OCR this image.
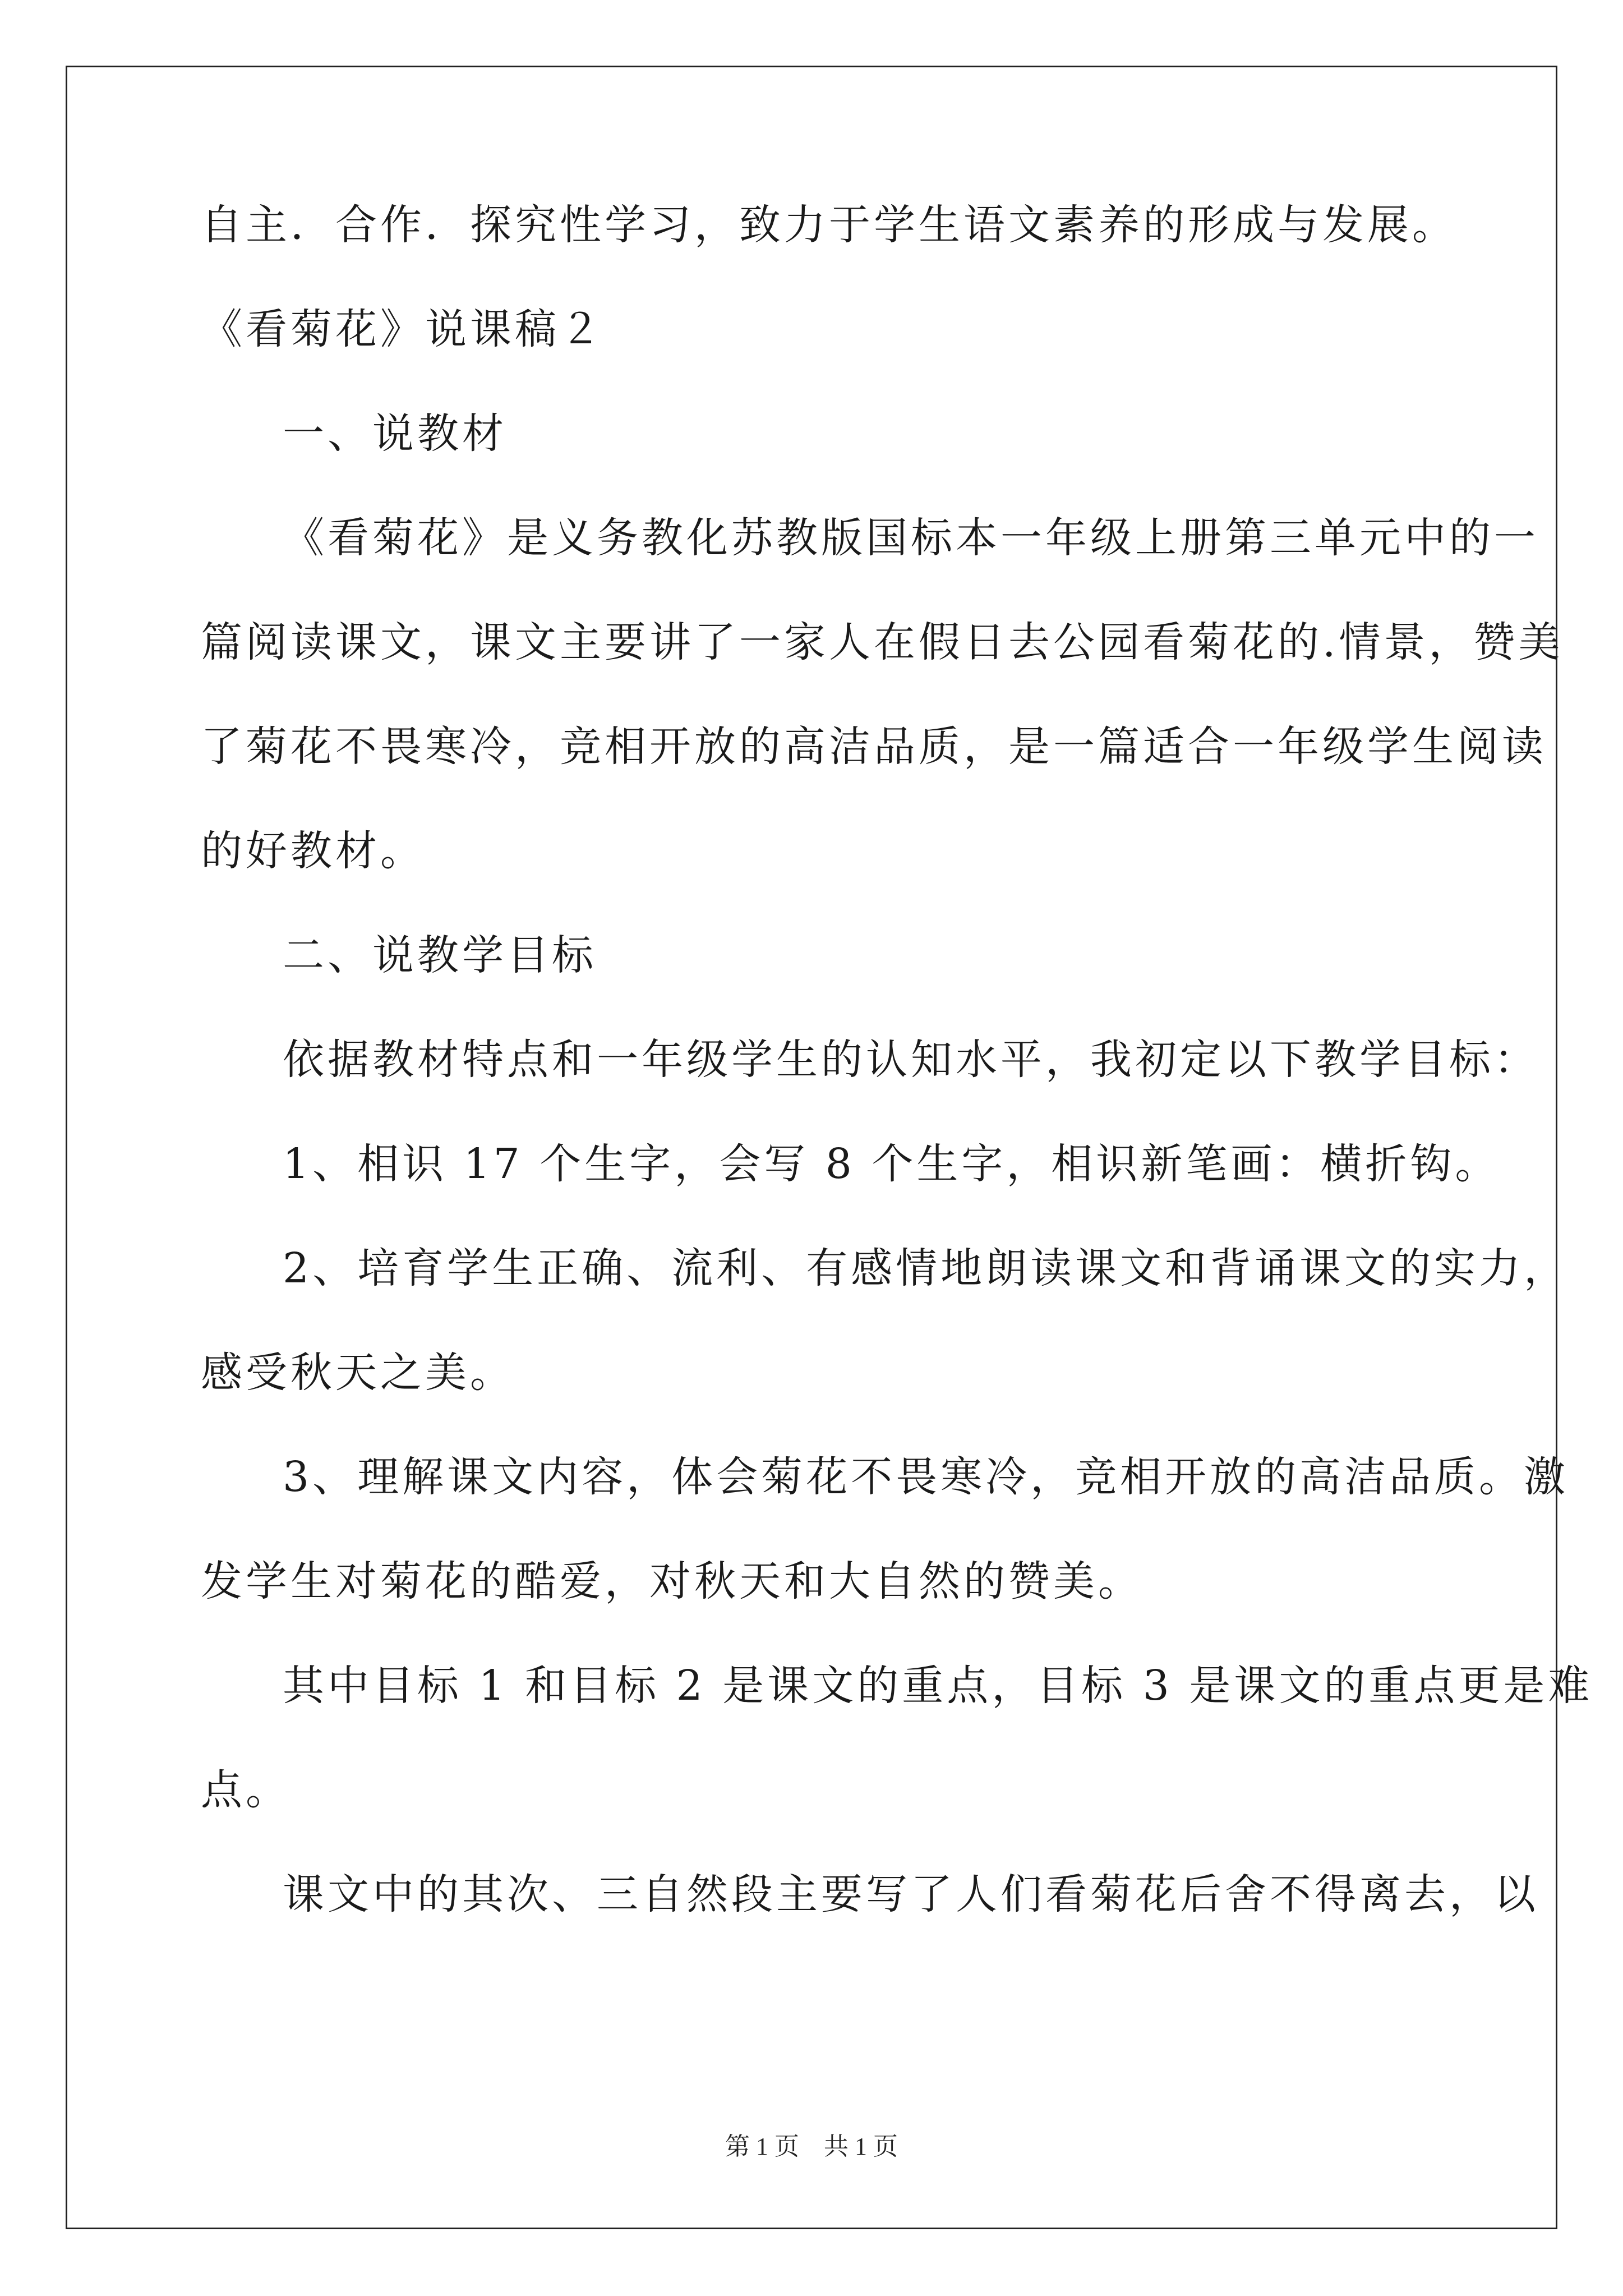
自主．合作．探究性学习，致力于学生语文素养的形成与发展。
《看菊花》说课稿２
一、说教材
《看菊花》是义务教化苏教版国标本一年级上册第三单元中的一
篇阅读课文，课文主要讲了一家人在假日去公园看菊花的.情景，赞美
了菊花不畏寒冷，竞相开放的高洁品质，是一篇适合一年级学生阅读
的好教材。
二、说教学目标
依据教材特点和一年级学生的认知水平，我初定以下教学目标：
1、相识 17 个生字，会写 8 个生字，相识新笔画：横折钩。
2、培育学生正确、流利、有感情地朗读课文和背诵课文的实力，
感受秋天之美。
3、理解课文内容，体会菊花不畏寒冷，竞相开放的高洁品质。激
发学生对菊花的酷爱，对秋天和大自然的赞美。
其中目标 1 和目标 2 是课文的重点，目标 3 是课文的重点更是难
点。
课文中的其次、三自然段主要写了人们看菊花后舍不得离去，以
第 1 页　共 1 页
